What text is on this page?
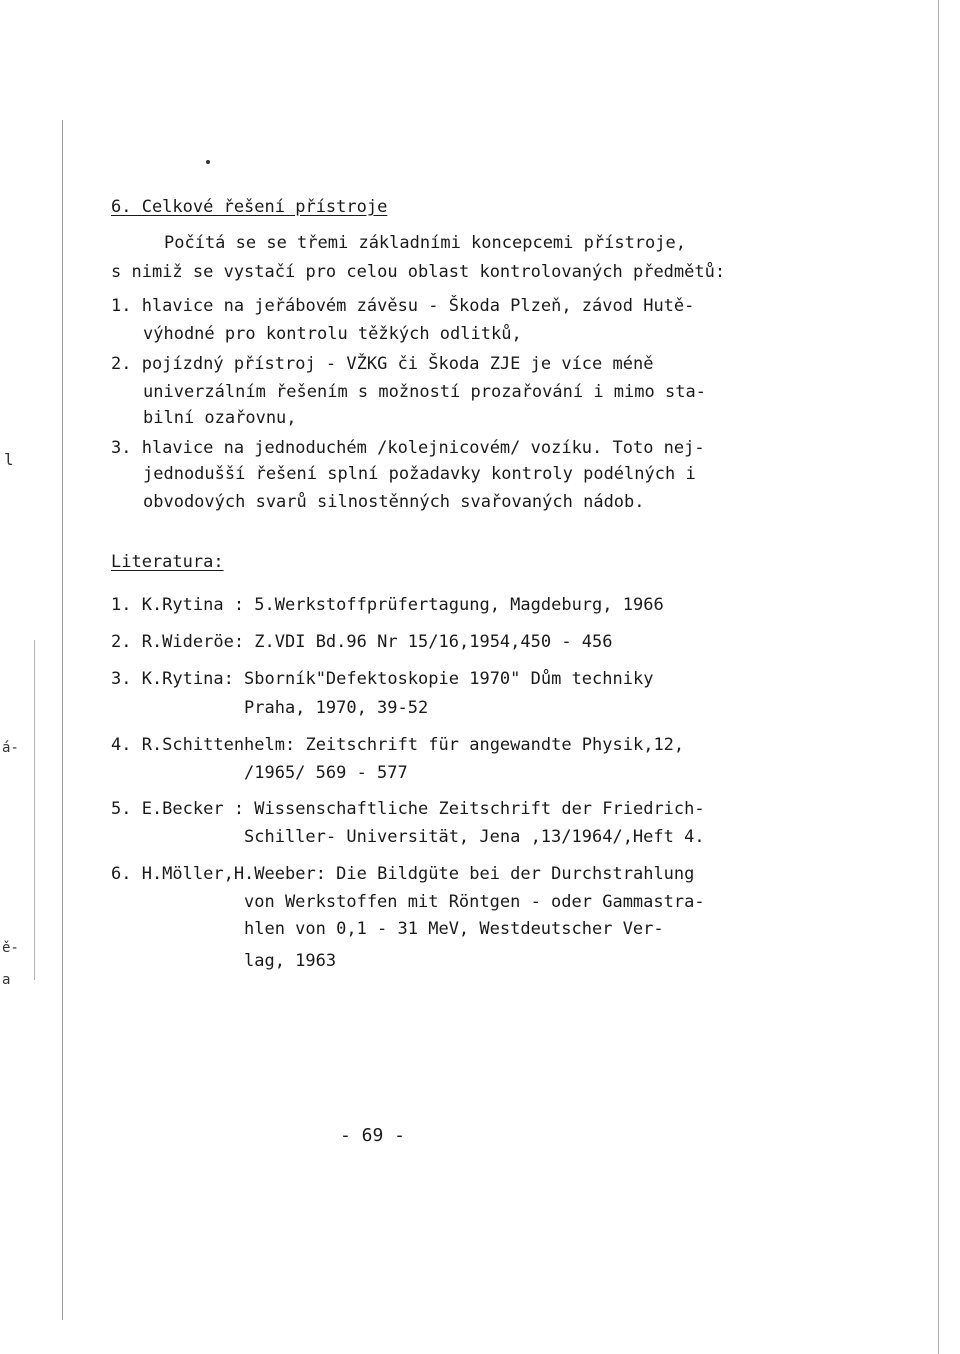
l
á-
ě-
a
6. Celkové řešení přístroje
Počítá se se třemi základními koncepcemi přístroje,
s nimiž se vystačí pro celou oblast kontrolovaných předmětů:
1. hlavice na jeřábovém závěsu - Škoda Plzeň, závod Hutě-
výhodné pro kontrolu těžkých odlitků,
2. pojízdný přístroj - VŽKG či Škoda ZJE je více méně
univerzálním řešením s možností prozařování i mimo sta-
bilní ozařovnu,
3. hlavice na jednoduchém /kolejnicovém/ vozíku. Toto nej-
jednodušší řešení splní požadavky kontroly podélných i
obvodových svarů silnostěnných svařovaných nádob.
Literatura:
1. K.Rytina : 5.Werkstoffprüfertagung, Magdeburg, 1966
2. R.Wideröe: Z.VDI Bd.96 Nr 15/16,1954,450 - 456
3. K.Rytina: Sborník"Defektoskopie 1970" Dům techniky
Praha, 1970, 39-52
4. R.Schittenhelm: Zeitschrift für angewandte Physik,12,
/1965/ 569 - 577
5. E.Becker : Wissenschaftliche Zeitschrift der Friedrich-
Schiller- Universität, Jena ,13/1964/,Heft 4.
6. H.Möller,H.Weeber: Die Bildgüte bei der Durchstrahlung
von Werkstoffen mit Röntgen - oder Gammastra-
hlen von 0,1 - 31 MeV, Westdeutscher Ver-
lag, 1963
- 69 -
